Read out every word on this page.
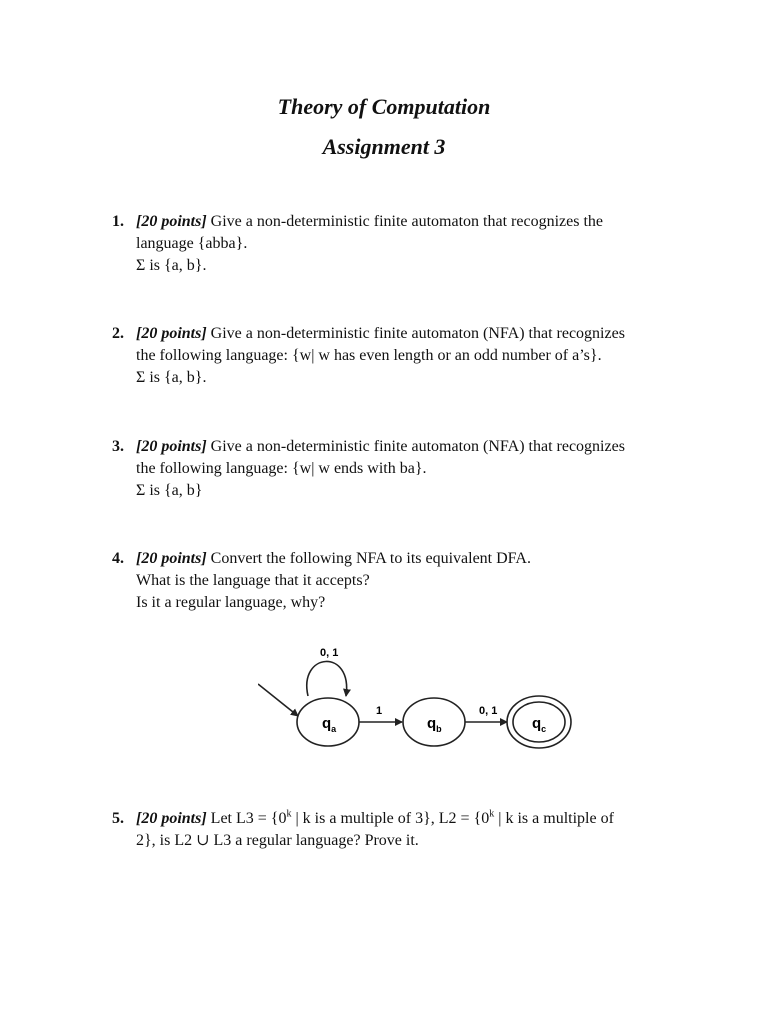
Theory of Computation
Assignment 3
1. [20 points] Give a non-deterministic finite automaton that recognizes the
language {abba}.
Σ is {a, b}.
2. [20 points] Give a non-deterministic finite automaton (NFA) that recognizes
the following language: {w| w has even length or an odd number of a’s}.
Σ is {a, b}.
3. [20 points] Give a non-deterministic finite automaton (NFA) that recognizes
the following language: {w| w ends with ba}.
Σ is {a, b}
4. [20 points] Convert the following NFA to its equivalent DFA.
What is the language that it accepts?
Is it a regular language, why?
0, 1
$q_a$
1
$q_b$
0, 1
$q_c$
5. [20 points] Let $L3 = \{0^k$ | k is a multiple of 3}, $L2 = \{0^k$ | k is a multiple of
2}, is L2 ∪ L3 a regular language? Prove it.
